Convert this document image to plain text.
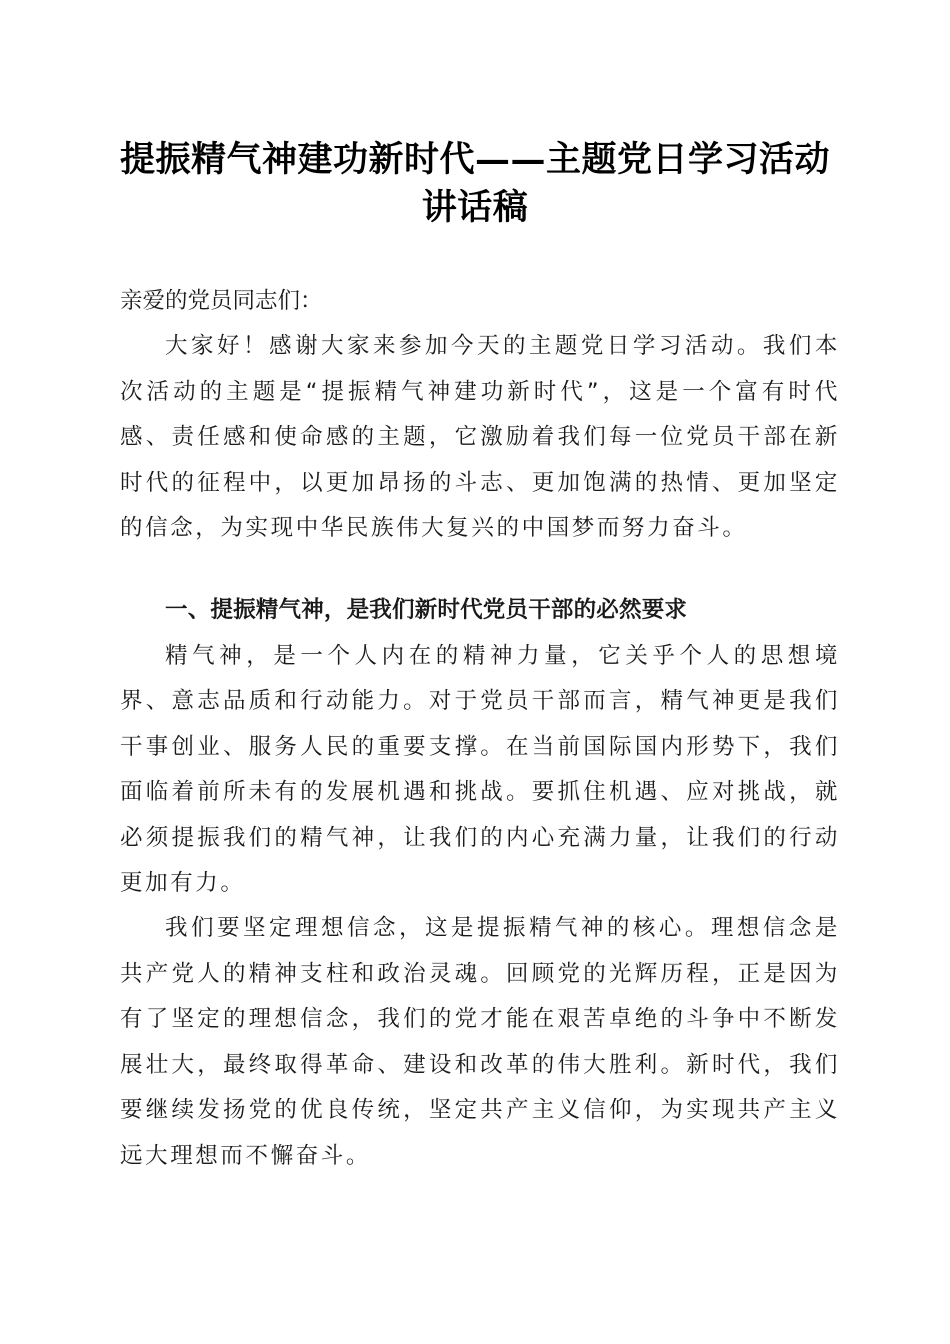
提振精气神建功新时代——主题党日学习活动
讲话稿
亲爱的党员同志们：

大家好！感谢大家来参加今天的主题党日学习活动。我们本次活动的主题是“提振精气神建功新时代”，这是一个富有时代感、责任感和使命感的主题，它激励着我们每一位党员干部在新时代的征程中，以更加昂扬的斗志、更加饱满的热情、更加坚定的信念，为实现中华民族伟大复兴的中国梦而努力奋斗。

一、提振精气神，是我们新时代党员干部的必然要求

精气神，是一个人内在的精神力量，它关乎个人的思想境界、意志品质和行动能力。对于党员干部而言，精气神更是我们干事创业、服务人民的重要支撑。在当前国际国内形势下，我们面临着前所未有的发展机遇和挑战。要抓住机遇、应对挑战，就必须提振我们的精气神，让我们的内心充满力量，让我们的行动更加有力。

我们要坚定理想信念，这是提振精气神的核心。理想信念是共产党人的精神支柱和政治灵魂。回顾党的光辉历程，正是因为有了坚定的理想信念，我们的党才能在艰苦卓绝的斗争中不断发展壮大，最终取得革命、建设和改革的伟大胜利。新时代，我们要继续发扬党的优良传统，坚定共产主义信仰，为实现共产主义远大理想而不懈奋斗。
